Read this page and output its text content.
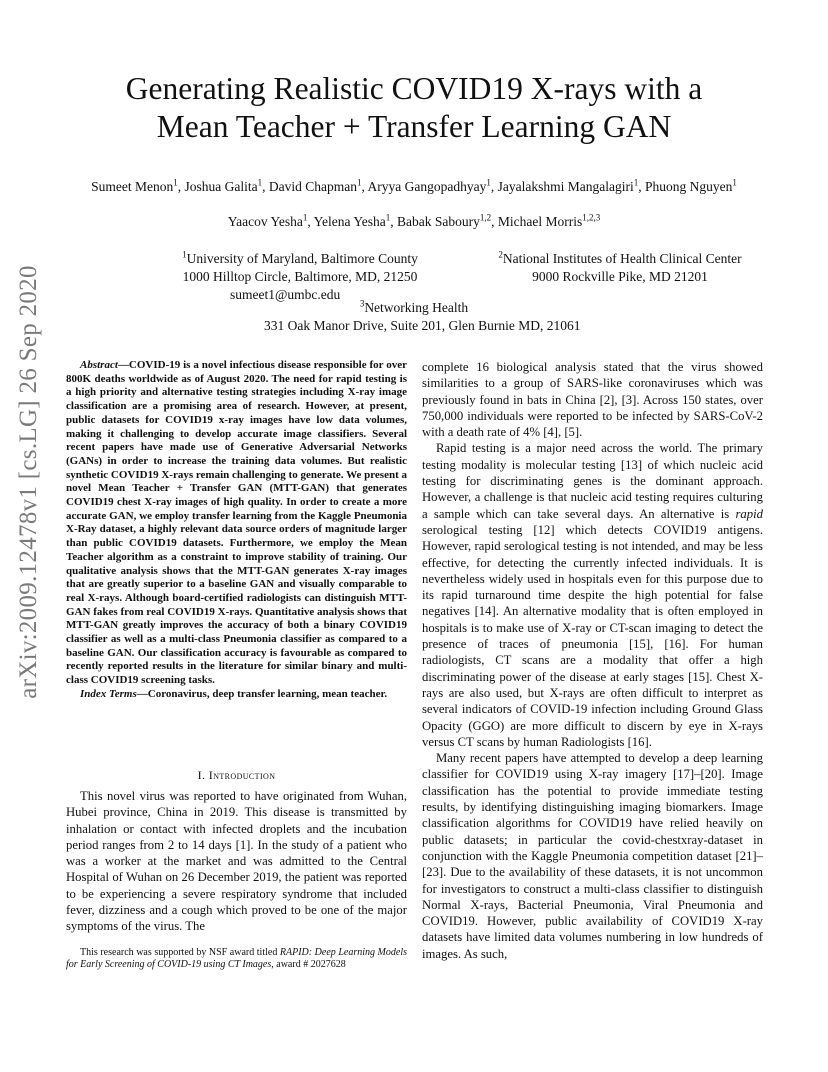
arXiv:2009.12478v1 [cs.LG] 26 Sep 2020
Generating Realistic COVID19 X-rays with a
Mean Teacher + Transfer Learning GAN
Sumeet Menon$^1$, Joshua Galita$^1$, David Chapman$^1$, Aryya Gangopadhyay$^1$, Jayalakshmi Mangalagiri$^1$, Phuong Nguyen$^1$
Yaacov Yesha$^1$, Yelena Yesha$^1$, Babak Saboury$^{1,2}$, Michael Morris$^{1,2,3}$
$^1$University of Maryland, Baltimore County
1000 Hilltop Circle, Baltimore, MD, 21250
sumeet1@umbc.edu
$^2$National Institutes of Health Clinical Center
9000 Rockville Pike, MD 21201
$^3$Networking Health
331 Oak Manor Drive, Suite 201, Glen Burnie MD, 21061
Abstract—COVID-19 is a novel infectious disease responsible for over 800K deaths worldwide as of August 2020. The need for rapid testing is a high priority and alternative testing strategies including X-ray image classification are a promising area of research. However, at present, public datasets for COVID19 x-ray images have low data volumes, making it challenging to develop accurate image classifiers. Several recent papers have made use of Generative Adversarial Networks (GANs) in order to increase the training data volumes. But realistic synthetic COVID19 X-rays remain challenging to generate. We present a novel Mean Teacher + Transfer GAN (MTT-GAN) that generates COVID19 chest X-ray images of high quality. In order to create a more accurate GAN, we employ transfer learning from the Kaggle Pneumonia X-Ray dataset, a highly relevant data source orders of magnitude larger than public COVID19 datasets. Furthermore, we employ the Mean Teacher algorithm as a constraint to improve stability of training. Our qualitative analysis shows that the MTT-GAN generates X-ray images that are greatly superior to a baseline GAN and visually comparable to real X-rays. Although board-certified radiologists can distinguish MTT-GAN fakes from real COVID19 X-rays. Quantitative analysis shows that MTT-GAN greatly improves the accuracy of both a binary COVID19 classifier as well as a multi-class Pneumonia classifier as compared to a baseline GAN. Our classification accuracy is favourable as compared to recently reported results in the literature for similar binary and multi-class COVID19 screening tasks.
Index Terms—Coronavirus, deep transfer learning, mean teacher.
I. Introduction

This novel virus was reported to have originated from Wuhan, Hubei province, China in 2019. This disease is transmitted by inhalation or contact with infected droplets and the incubation period ranges from 2 to 14 days [1]. In the study of a patient who was a worker at the market and was admitted to the Central Hospital of Wuhan on 26 December 2019, the patient was reported to be experiencing a severe respiratory syndrome that included fever, dizziness and a cough which proved to be one of the major symptoms of the virus. The

This research was supported by NSF award titled RAPID: Deep Learning Models for Early Screening of COVID-19 using CT Images, award # 2027628

complete 16 biological analysis stated that the virus showed similarities to a group of SARS-like coronaviruses which was previously found in bats in China [2], [3]. Across 150 states, over 750,000 individuals were reported to be infected by SARS-CoV-2 with a death rate of 4% [4], [5].

Rapid testing is a major need across the world. The primary testing modality is molecular testing [13] of which nucleic acid testing for discriminating genes is the dominant approach. However, a challenge is that nucleic acid testing requires culturing a sample which can take several days. An alternative is rapid serological testing [12] which detects COVID19 antigens. However, rapid serological testing is not intended, and may be less effective, for detecting the currently infected individuals. It is nevertheless widely used in hospitals even for this purpose due to its rapid turnaround time despite the high potential for false negatives [14]. An alternative modality that is often employed in hospitals is to make use of X-ray or CT-scan imaging to detect the presence of traces of pneumonia [15], [16]. For human radiologists, CT scans are a modality that offer a high discriminating power of the disease at early stages [15]. Chest X-rays are also used, but X-rays are often difficult to interpret as several indicators of COVID-19 infection including Ground Glass Opacity (GGO) are more difficult to discern by eye in X-rays versus CT scans by human Radiologists [16].

Many recent papers have attempted to develop a deep learning classifier for COVID19 using X-ray imagery [17]–[20]. Image classification has the potential to provide immediate testing results, by identifying distinguishing imaging biomarkers. Image classification algorithms for COVID19 have relied heavily on public datasets; in particular the covid-chestxray-dataset in conjunction with the Kaggle Pneumonia competition dataset [21]–[23]. Due to the availability of these datasets, it is not uncommon for investigators to construct a multi-class classifier to distinguish Normal X-rays, Bacterial Pneumonia, Viral Pneumonia and COVID19. However, public availability of COVID19 X-ray datasets have limited data volumes numbering in low hundreds of images. As such,
